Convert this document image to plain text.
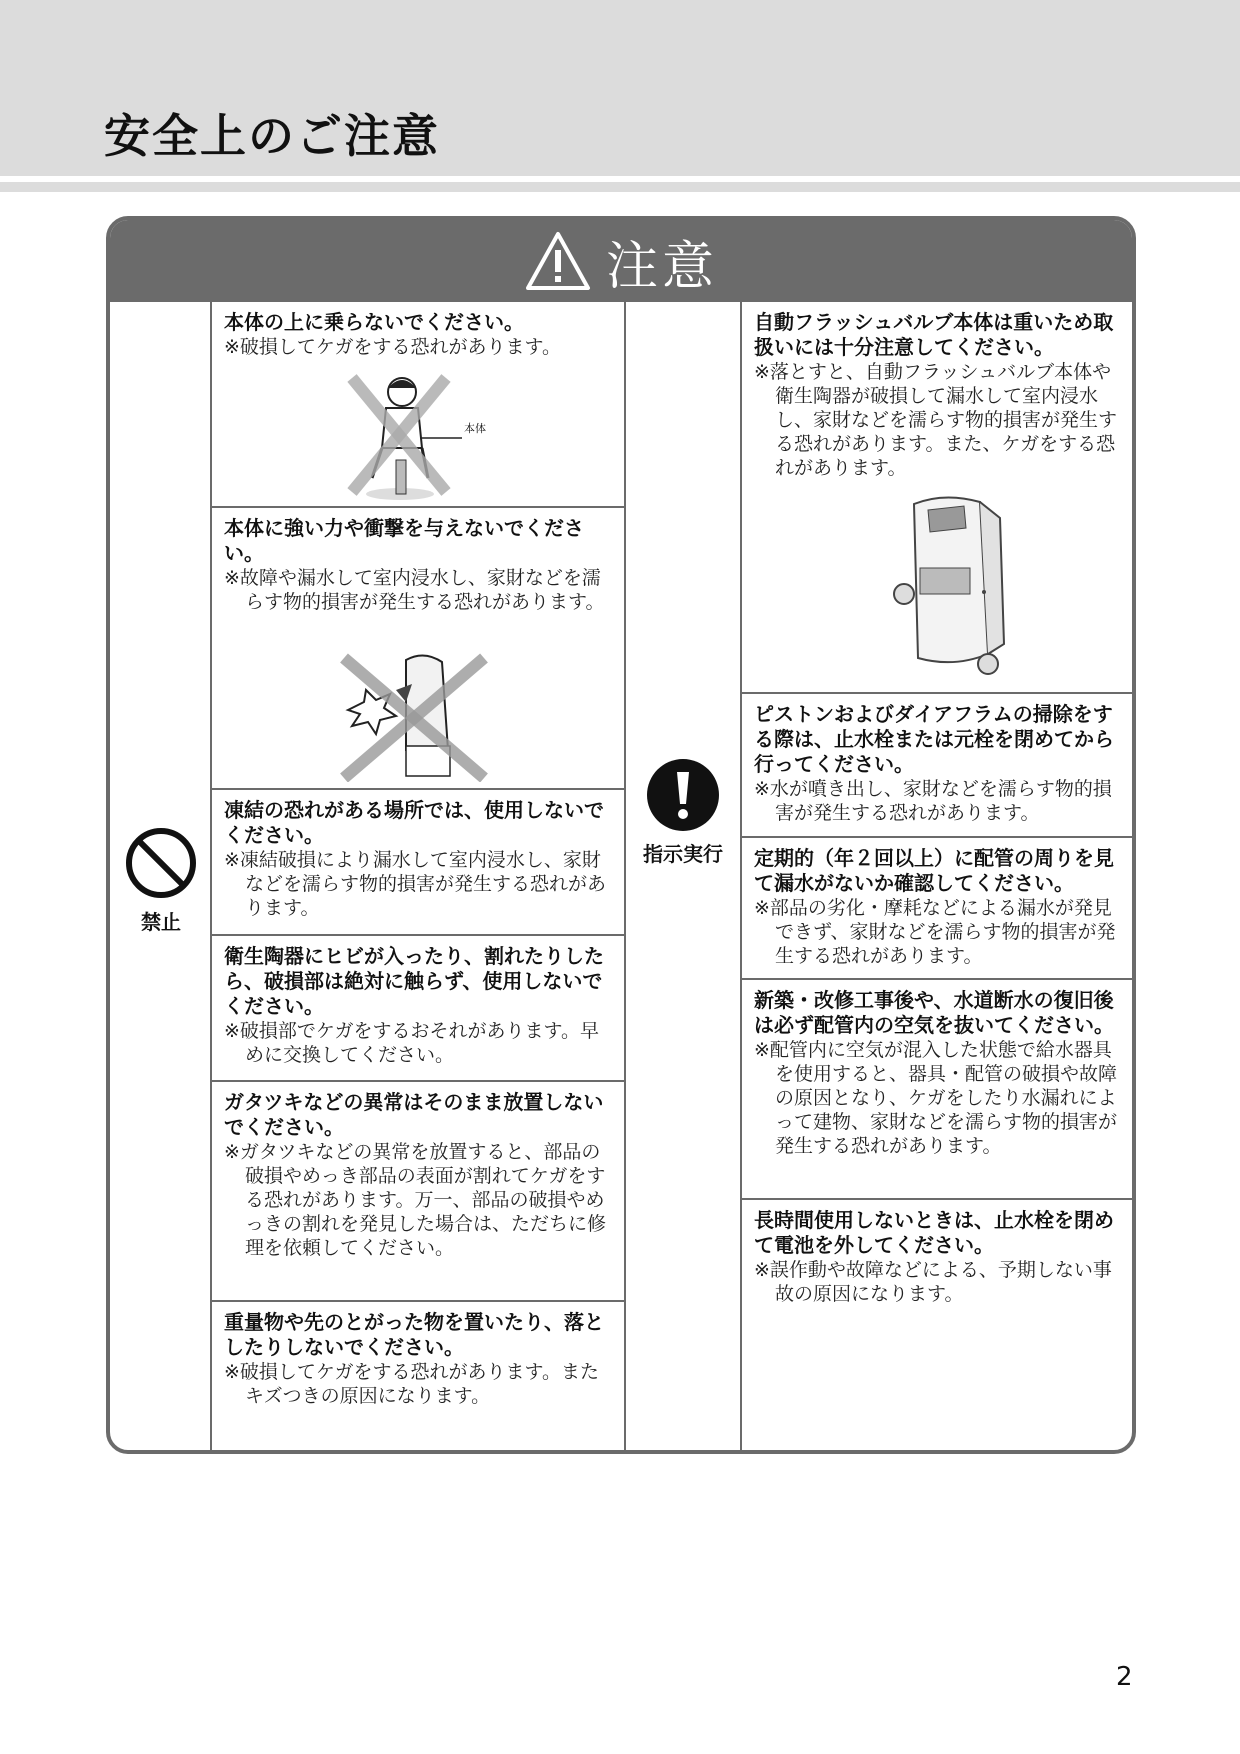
安全上のご注意
注意
禁止
指示実行

本体の上に乗らないでください。

※破損してケガをする恐れがあります。

本体

本体に強い力や衝撃を与えないでください。

※故障や漏水して室内浸水し、家財などを濡らす物的損害が発生する恐れがあります。

凍結の恐れがある場所では、使用しないでください。

※凍結破損により漏水して室内浸水し、家財などを濡らす物的損害が発生する恐れがあります。

衛生陶器にヒビが入ったり、割れたりしたら、破損部は絶対に触らず、使用しないでください。

※破損部でケガをするおそれがあります。早めに交換してください。

ガタツキなどの異常はそのまま放置しないでください。

※ガタツキなどの異常を放置すると、部品の破損やめっき部品の表面が割れてケガをする恐れがあります。万一、部品の破損やめっきの割れを発見した場合は、ただちに修理を依頼してください。

重量物や先のとがった物を置いたり、落としたりしないでください。

※破損してケガをする恐れがあります。またキズつきの原因になります。

自動フラッシュバルブ本体は重いため取扱いには十分注意してください。

※落とすと、自動フラッシュバルブ本体や衛生陶器が破損して漏水して室内浸水し、家財などを濡らす物的損害が発生する恐れがあります。また、ケガをする恐れがあります。

ピストンおよびダイアフラムの掃除をする際は、止水栓または元栓を閉めてから行ってください。

※水が噴き出し、家財などを濡らす物的損害が発生する恐れがあります。

定期的（年２回以上）に配管の周りを見て漏水がないか確認してください。

※部品の劣化・摩耗などによる漏水が発見できず、家財などを濡らす物的損害が発生する恐れがあります。

新築・改修工事後や、水道断水の復旧後は必ず配管内の空気を抜いてください。

※配管内に空気が混入した状態で給水器具を使用すると、器具・配管の破損や故障の原因となり、ケガをしたり水漏れによって建物、家財などを濡らす物的損害が発生する恐れがあります。

長時間使用しないときは、止水栓を閉めて電池を外してください。

※誤作動や故障などによる、予期しない事故の原因になります。

2
